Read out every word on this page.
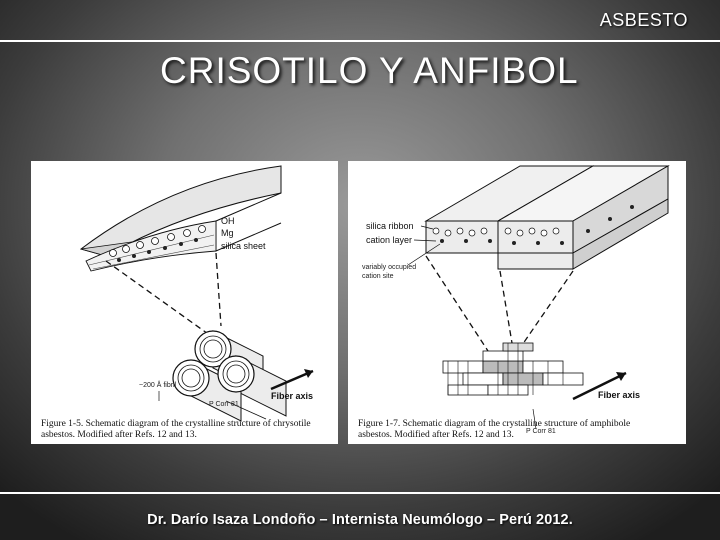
ASBESTO
CRISOTILO Y ANFIBOL
OH
Mg
silica sheet
~200 Å fibril
Fiber axis
P Corr 81
Figure 1-5. Schematic diagram of the crystalline structure of chrysotile
asbestos. Modified after Refs. 12 and 13.
silica ribbon
cation layer
variably occupied
cation site
P Corr 81
Fiber axis
Figure 1-7. Schematic diagram of the crystalline structure of amphibole
asbestos. Modified after Refs. 12 and 13.
Dr. Darío Isaza Londoño – Internista Neumólogo – Perú 2012.
